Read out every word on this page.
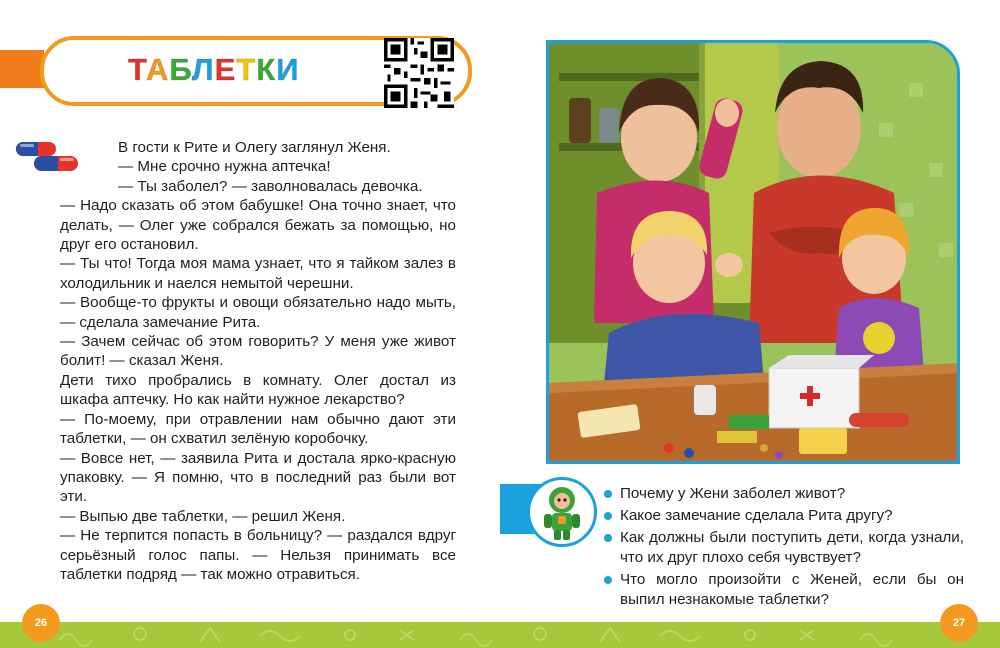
ТАБЛЕТКИ

В гости к Рите и Олегу заглянул Женя.

— Мне срочно нужна аптечка!

— Ты заболел? — заволновалась девочка.

— Надо сказать об этом бабушке! Она точно знает, что делать, — Олег уже собрался бежать за помощью, но друг его остановил.

— Ты что! Тогда моя мама узнает, что я тайком залез в холодильник и наелся немытой черешни.

— Вообще-то фрукты и овощи обязательно надо мыть, — сделала замечание Рита.

— Зачем сейчас об этом говорить? У меня уже живот болит! — сказал Женя.

Дети тихо пробрались в комнату. Олег достал из шкафа аптечку. Но как найти нужное лекарство?

— По-моему, при отравлении нам обычно дают эти таблетки, — он схватил зелёную коробочку.

— Вовсе нет, — заявила Рита и достала ярко-красную упаковку. — Я помню, что в последний раз были вот эти.

— Выпью две таблетки, — решил Женя.

— Не терпится попасть в больницу? — раздался вдруг серьёзный голос папы. — Нельзя принимать все таблетки подряд — так можно отравиться.

Почему у Жени заболел живот?
Какое замечание сделала Рита другу?
Как должны были поступить дети, когда узнали, что их друг плохо себя чувствует?
Что могло произойти с Женей, если бы он выпил незнакомые таблетки?
26	27
